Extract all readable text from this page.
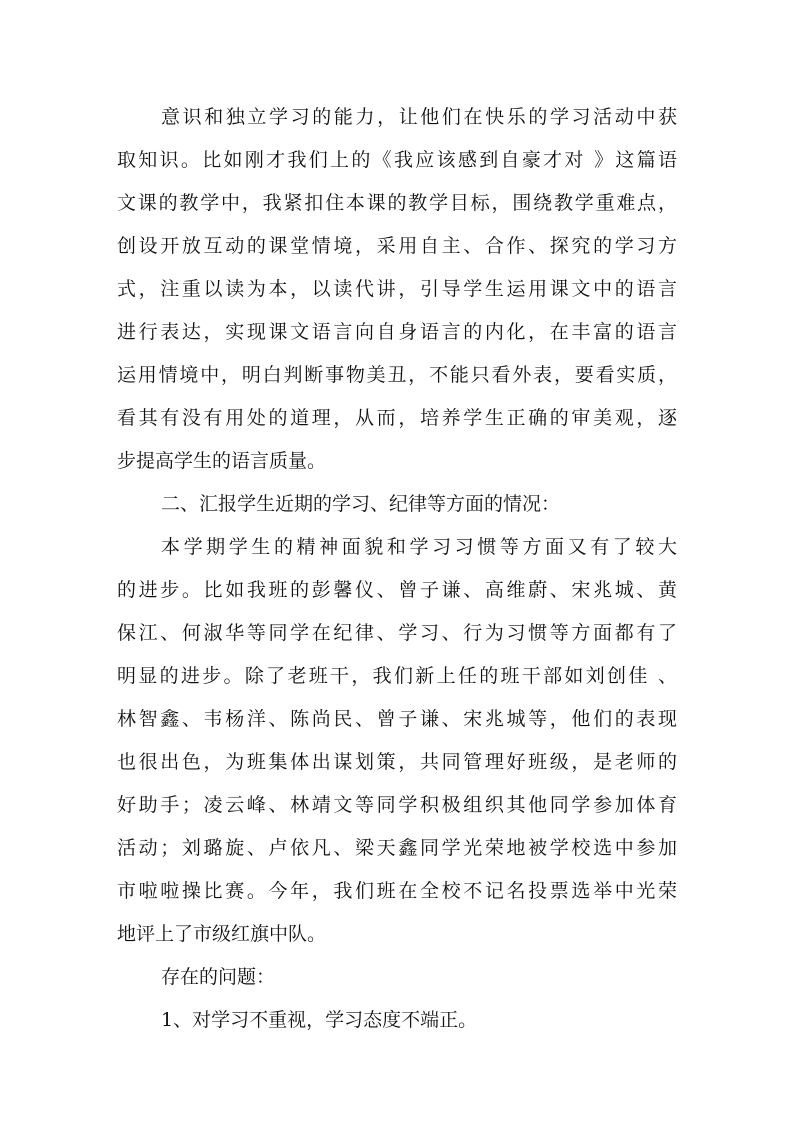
意识和独立学习的能力，让他们在快乐的学习活动中获
取知识。比如刚才我们上的《我应该感到自豪才对 》这篇语
文课的教学中，我紧扣住本课的教学目标，围绕教学重难点，
创设开放互动的课堂情境，采用自主、合作、探究的学习方
式，注重以读为本，以读代讲，引导学生运用课文中的语言
进行表达，实现课文语言向自身语言的内化，在丰富的语言
运用情境中，明白判断事物美丑，不能只看外表，要看实质，
看其有没有用处的道理，从而，培养学生正确的审美观，逐
步提高学生的语言质量。
二、汇报学生近期的学习、纪律等方面的情况：
本学期学生的精神面貌和学习习惯等方面又有了较大
的进步。比如我班的彭馨仪、曾子谦、高维蔚、宋兆城、黄
保江、何淑华等同学在纪律、学习、行为习惯等方面都有了
明显的进步。除了老班干，我们新上任的班干部如刘创佳 、
林智鑫、韦杨洋、陈尚民、曾子谦、宋兆城等，他们的表现
也很出色，为班集体出谋划策，共同管理好班级，是老师的
好助手；凌云峰、林靖文等同学积极组织其他同学参加体育
活动；刘璐旋、卢依凡、梁天鑫同学光荣地被学校选中参加
市啦啦操比赛。今年，我们班在全校不记名投票选举中光荣
地评上了市级红旗中队。
存在的问题：
1、对学习不重视，学习态度不端正。
